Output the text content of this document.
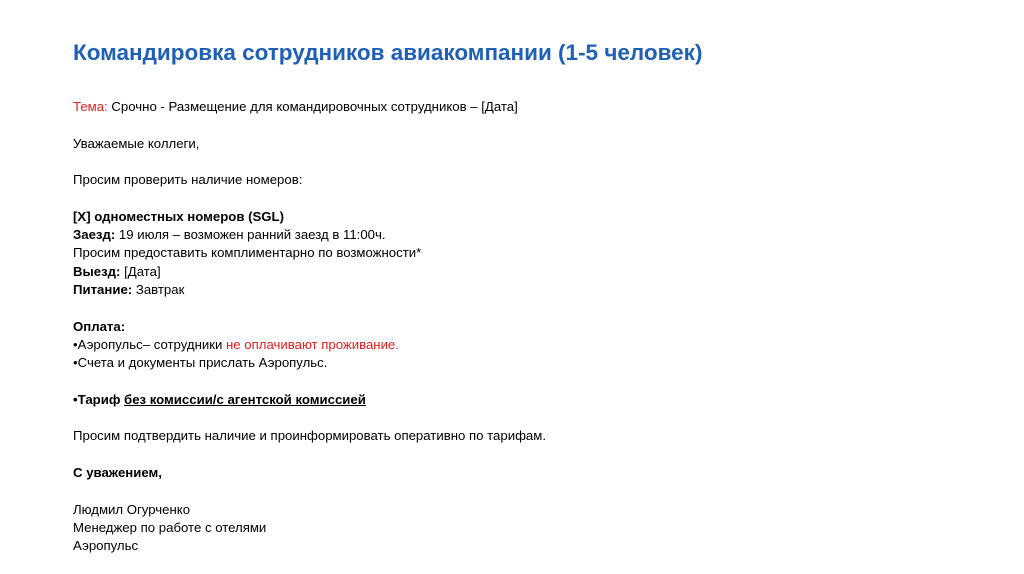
Командировка сотрудников авиакомпании (1-5 человек)

Тема: Срочно - Размещение для командировочных сотрудников – [Дата]

Уважаемые коллеги,

Просим проверить наличие номеров:

[X] одноместных номеров (SGL)

Заезд: 19 июля – возможен ранний заезд в 11:00ч.

Просим предоставить комплиментарно по возможности*

Выезд: [Дата]

Питание: Завтрак

Оплата:

•Аэропульс– сотрудники не оплачивают проживание.

•Счета и документы прислать Аэропульс.

•Тариф без комиссии/с агентской комиссией

Просим подтвердить наличие и проинформировать оперативно по тарифам.

С уважением,

Людмил Огурченко

Менеджер по работе с отелями

Аэропульс
